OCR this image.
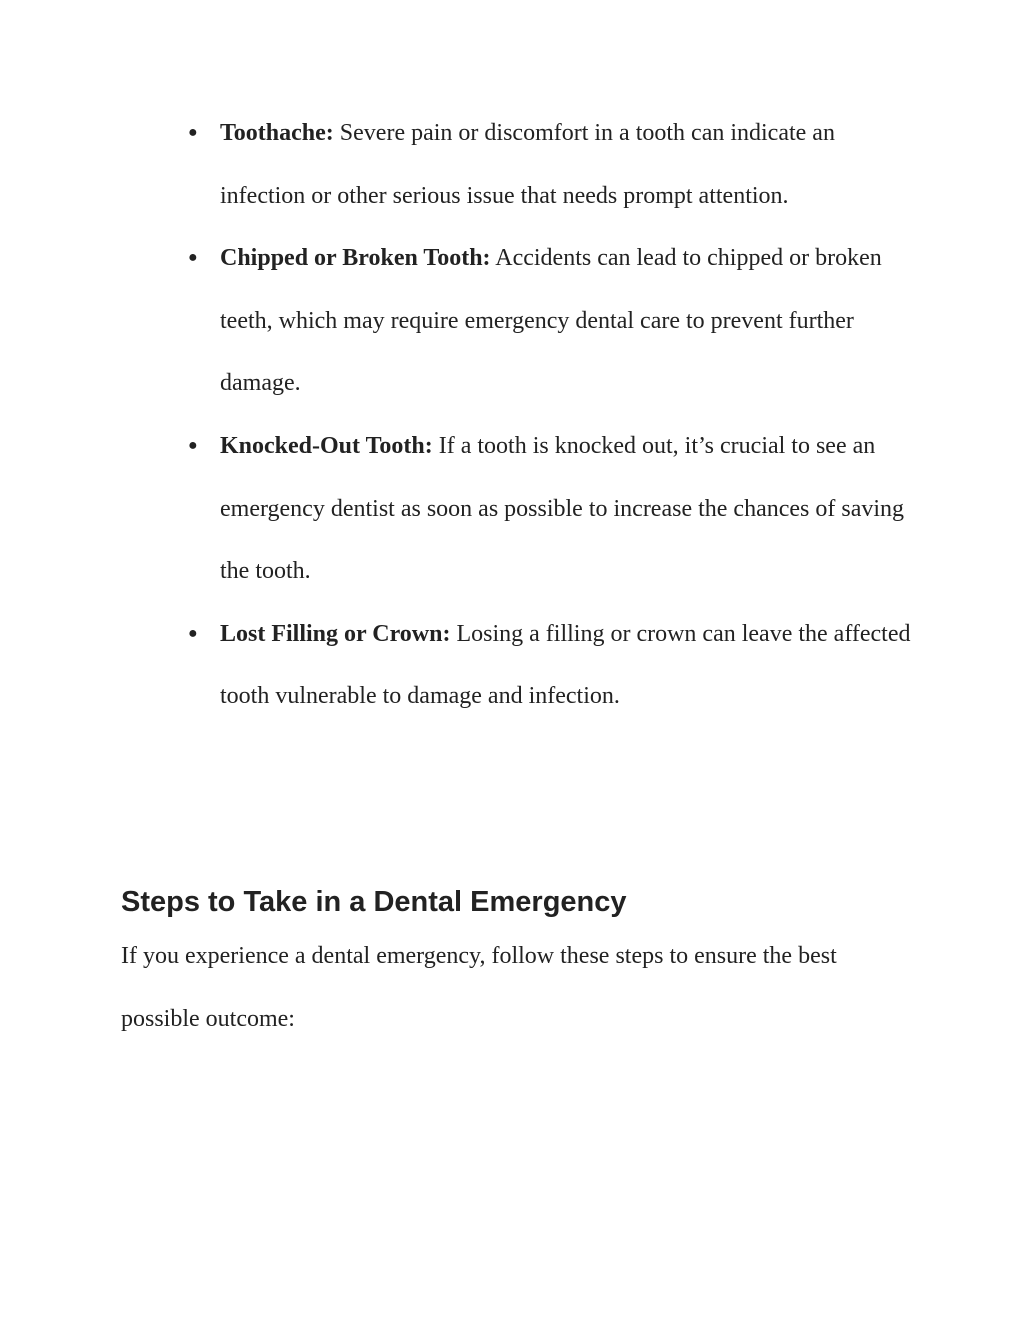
● Toothache: Severe pain or discomfort in a tooth can indicate an infection or other serious issue that needs prompt attention.
● Chipped or Broken Tooth: Accidents can lead to chipped or broken teeth, which may require emergency dental care to prevent further damage.
● Knocked-Out Tooth: If a tooth is knocked out, it’s crucial to see an emergency dentist as soon as possible to increase the chances of saving the tooth.
● Lost Filling or Crown: Losing a filling or crown can leave the affected tooth vulnerable to damage and infection.
Steps to Take in a Dental Emergency

If you experience a dental emergency, follow these steps to ensure the best possible outcome:
